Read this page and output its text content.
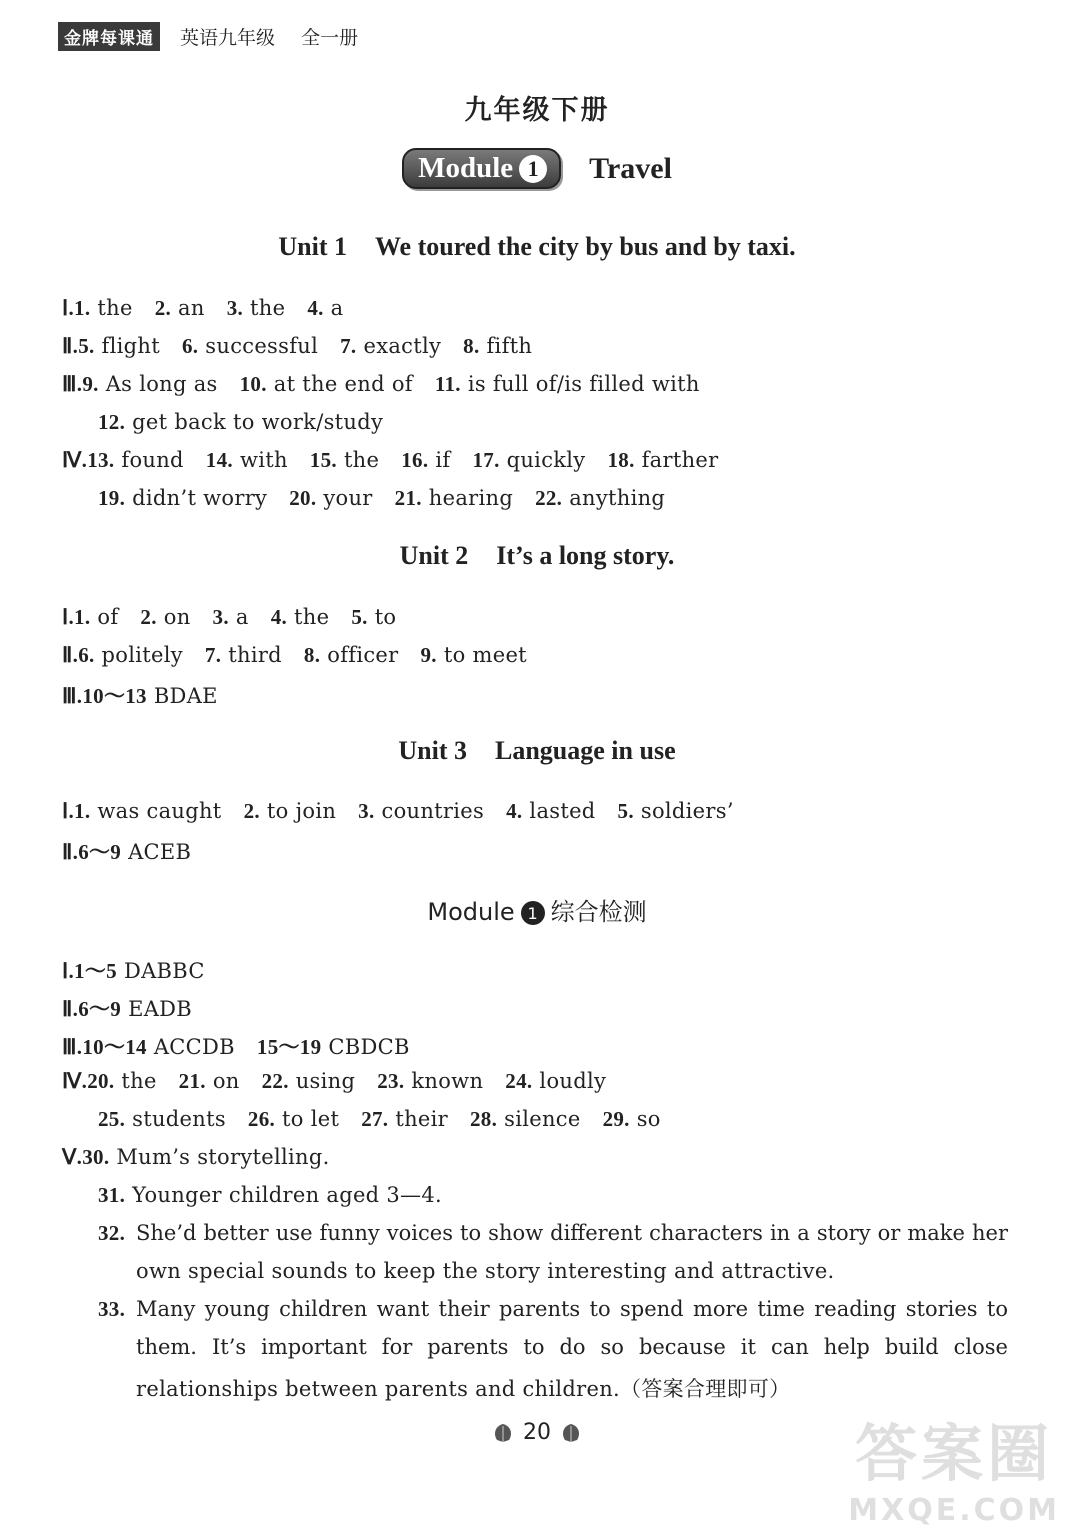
金牌每课通	英语九年级 全一册
九年级下册
Module 1 Travel
Unit 1 We toured the city by bus and by taxi.
Ⅰ.1. the 2. an 3. the 4. a
Ⅱ.5. flight 6. successful 7. exactly 8. fifth
Ⅲ.9. As long as 10. at the end of 11. is full of/is filled with
12. get back to work/study
Ⅳ.13. found 14. with 15. the 16. if 17. quickly 18. farther
19. didn’t worry 20. your 21. hearing 22. anything
Unit 2 It’s a long story.
Ⅰ.1. of 2. on 3. a 4. the 5. to
Ⅱ.6. politely 7. third 8. officer 9. to meet
Ⅲ.10～13 BDAE
Unit 3 Language in use
Ⅰ.1. was caught 2. to join 3. countries 4. lasted 5. soldiers’
Ⅱ.6～9 ACEB
Module 1 综合检测
Ⅰ.1～5 DABBC
Ⅱ.6～9 EADB
Ⅲ.10～14 ACCDB 15～19 CBDCB
Ⅳ.20. the 21. on 22. using 23. known 24. loudly
25. students 26. to let 27. their 28. silence 29. so
Ⅴ.30. Mum’s storytelling.
31. Younger children aged 3—4.
32. She’d better use funny voices to show different characters in a story or make her
own special sounds to keep the story interesting and attractive.
33. Many young children want their parents to spend more time reading stories to
them. It’s important for parents to do so because it can help build close
relationships between parents and children.（答案合理即可）
20	答案圈
MXQE.COM
